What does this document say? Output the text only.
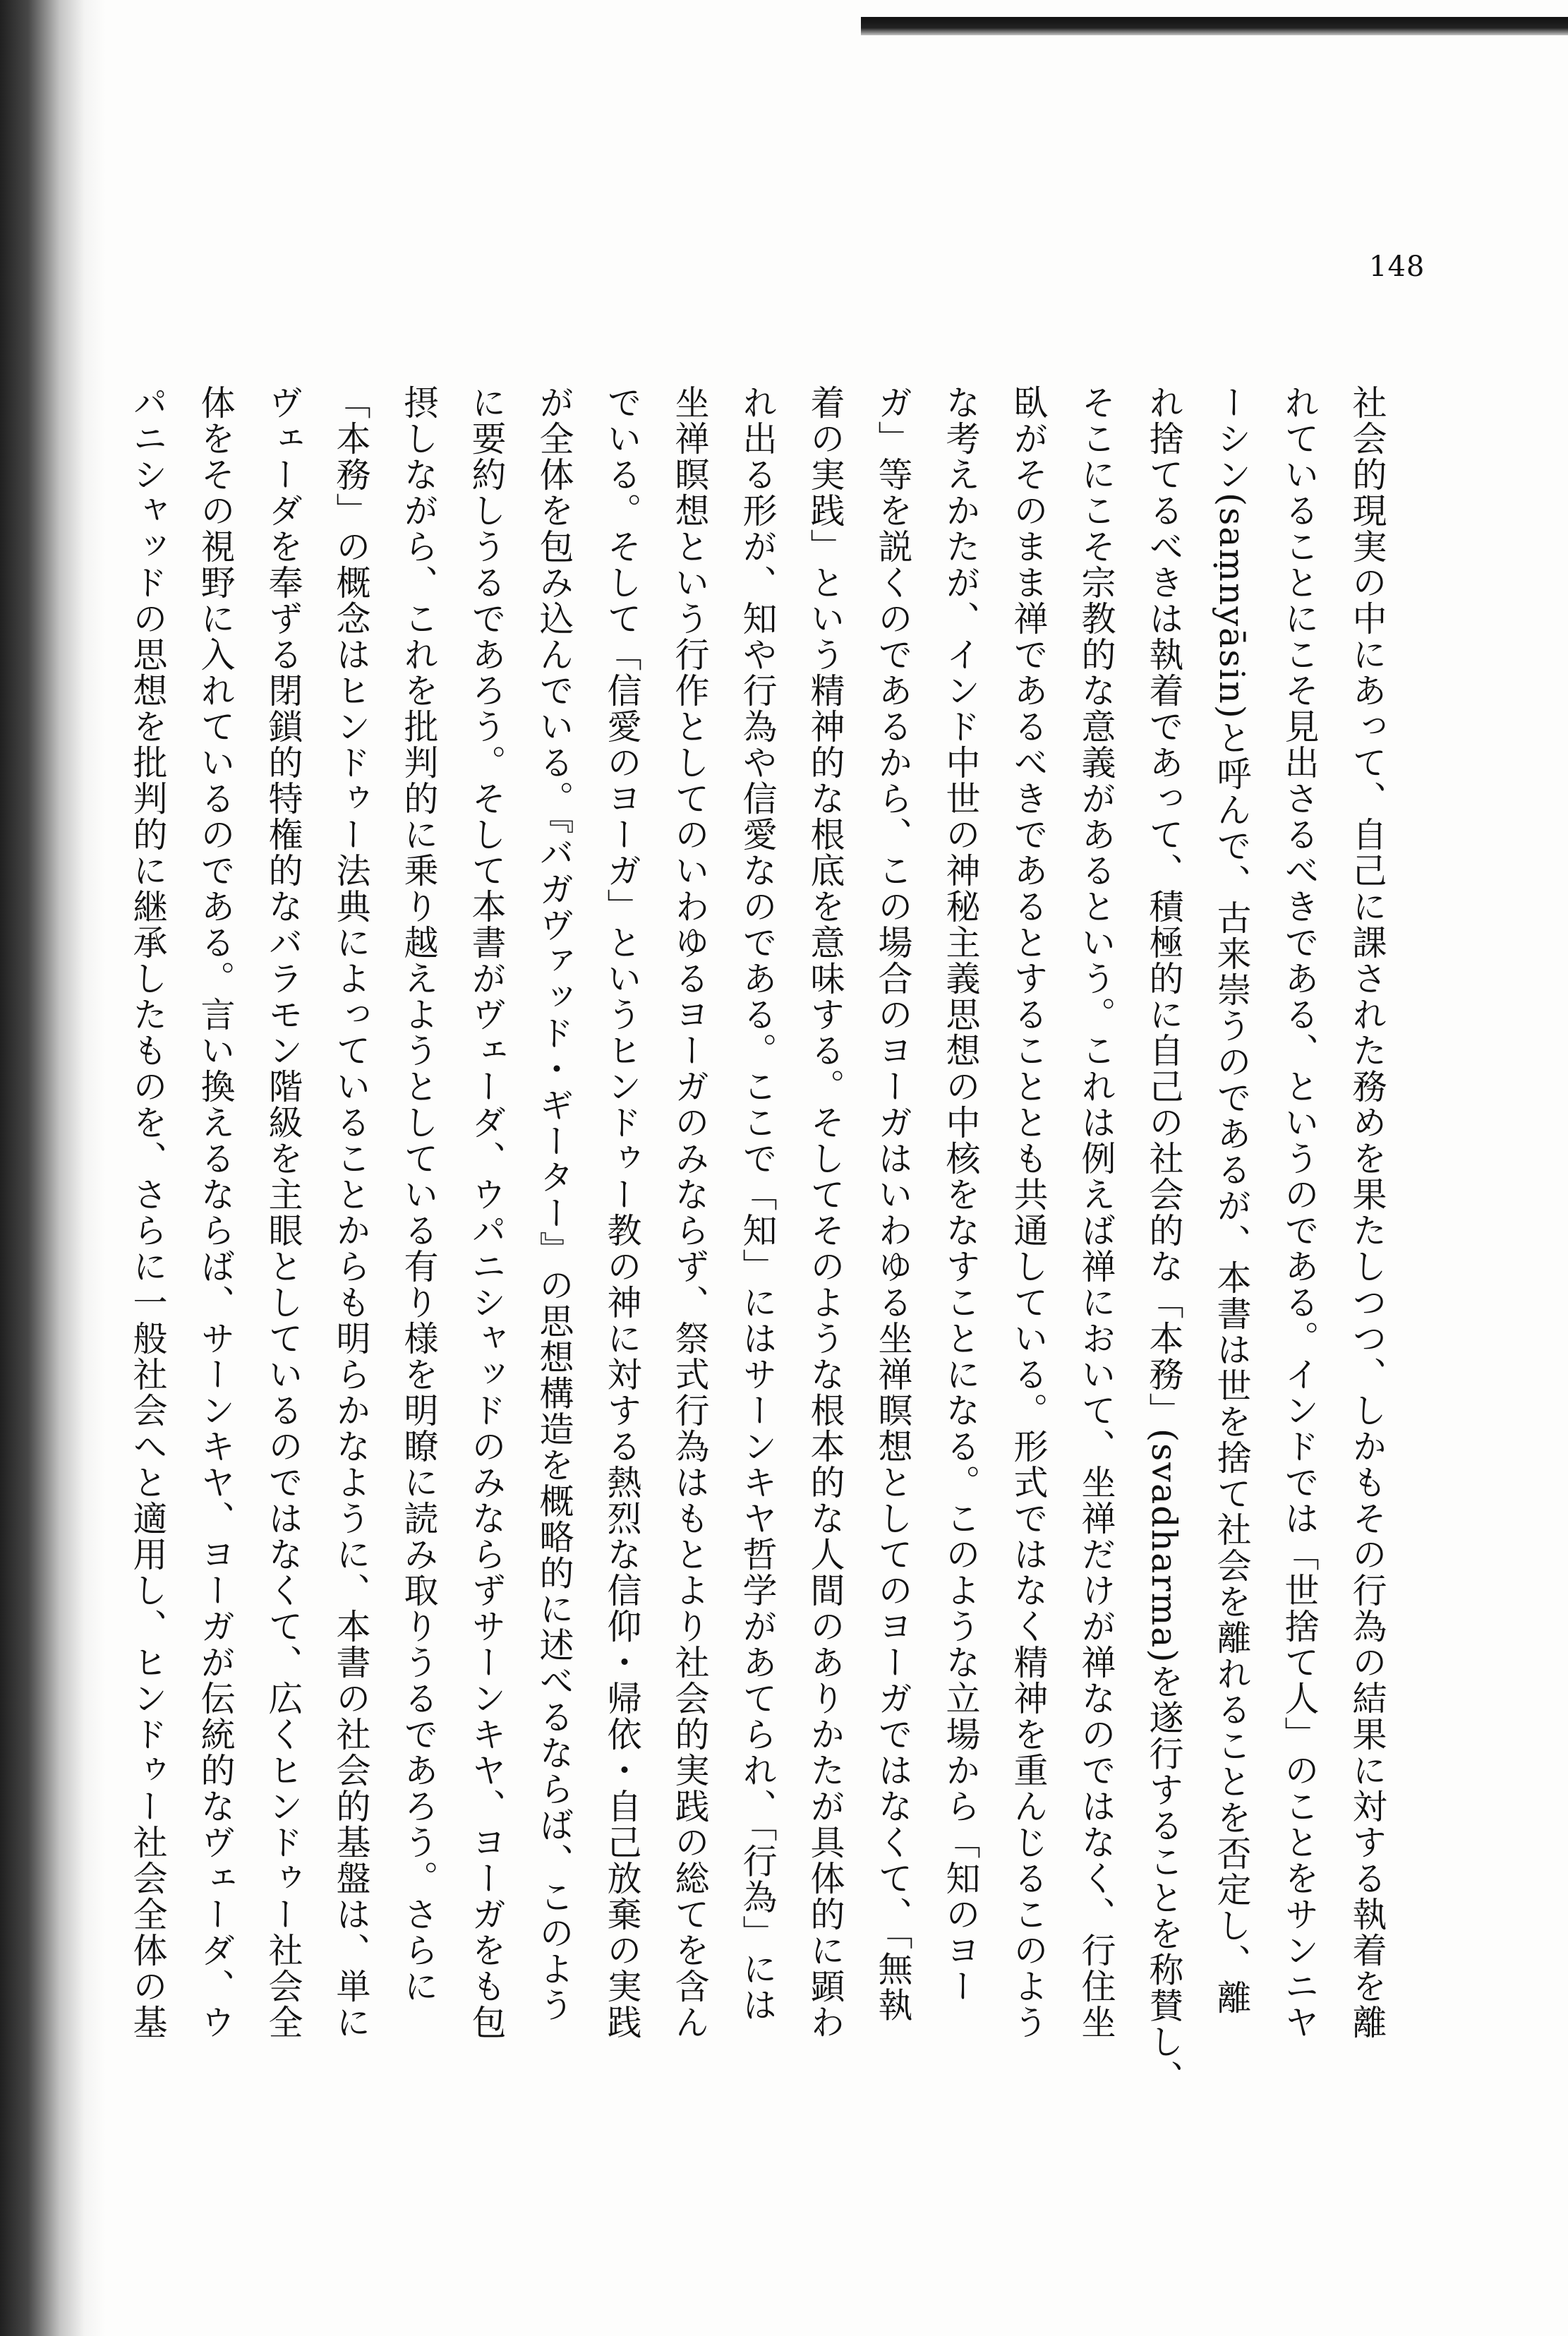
148
社会的現実の中にあって、自己に課された務めを果たしつつ、しかもその行為の結果に対する執着を離
れていることにこそ見出さるべきである、というのである。インドでは「世捨て人」のことをサンニヤ
ーシン(saṃnyāsin)と呼んで、古来崇うのであるが、本書は世を捨て社会を離れることを否定し、離
れ捨てるべきは執着であって、積極的に自己の社会的な「本務」(svadharma)を遂行することを称賛し、
そこにこそ宗教的な意義があるという。これは例えば禅において、坐禅だけが禅なのではなく、行住坐
臥がそのまま禅であるべきであるとすることとも共通している。形式ではなく精神を重んじるこのよう
な考えかたが、インド中世の神秘主義思想の中核をなすことになる。このような立場から「知のヨー
ガ」等を説くのであるから、この場合のヨーガはいわゆる坐禅瞑想としてのヨーガではなくて、「無執
着の実践」という精神的な根底を意味する。そしてそのような根本的な人間のありかたが具体的に顕わ
れ出る形が、知や行為や信愛なのである。ここで「知」にはサーンキヤ哲学があてられ、「行為」には
坐禅瞑想という行作としてのいわゆるヨーガのみならず、祭式行為はもとより社会的実践の総てを含ん
でいる。そして「信愛のヨーガ」というヒンドゥー教の神に対する熱烈な信仰・帰依・自己放棄の実践
が全体を包み込んでいる。『バガヴァッド・ギーター』の思想構造を概略的に述べるならば、このよう
に要約しうるであろう。そして本書がヴェーダ、ウパニシャッドのみならずサーンキヤ、ヨーガをも包
摂しながら、これを批判的に乗り越えようとしている有り様を明瞭に読み取りうるであろう。さらに
「本務」の概念はヒンドゥー法典によっていることからも明らかなように、本書の社会的基盤は、単に
ヴェーダを奉ずる閉鎖的特権的なバラモン階級を主眼としているのではなくて、広くヒンドゥー社会全
体をその視野に入れているのである。言い換えるならば、サーンキヤ、ヨーガが伝統的なヴェーダ、ウ
パニシャッドの思想を批判的に継承したものを、さらに一般社会へと適用し、ヒンドゥー社会全体の基
